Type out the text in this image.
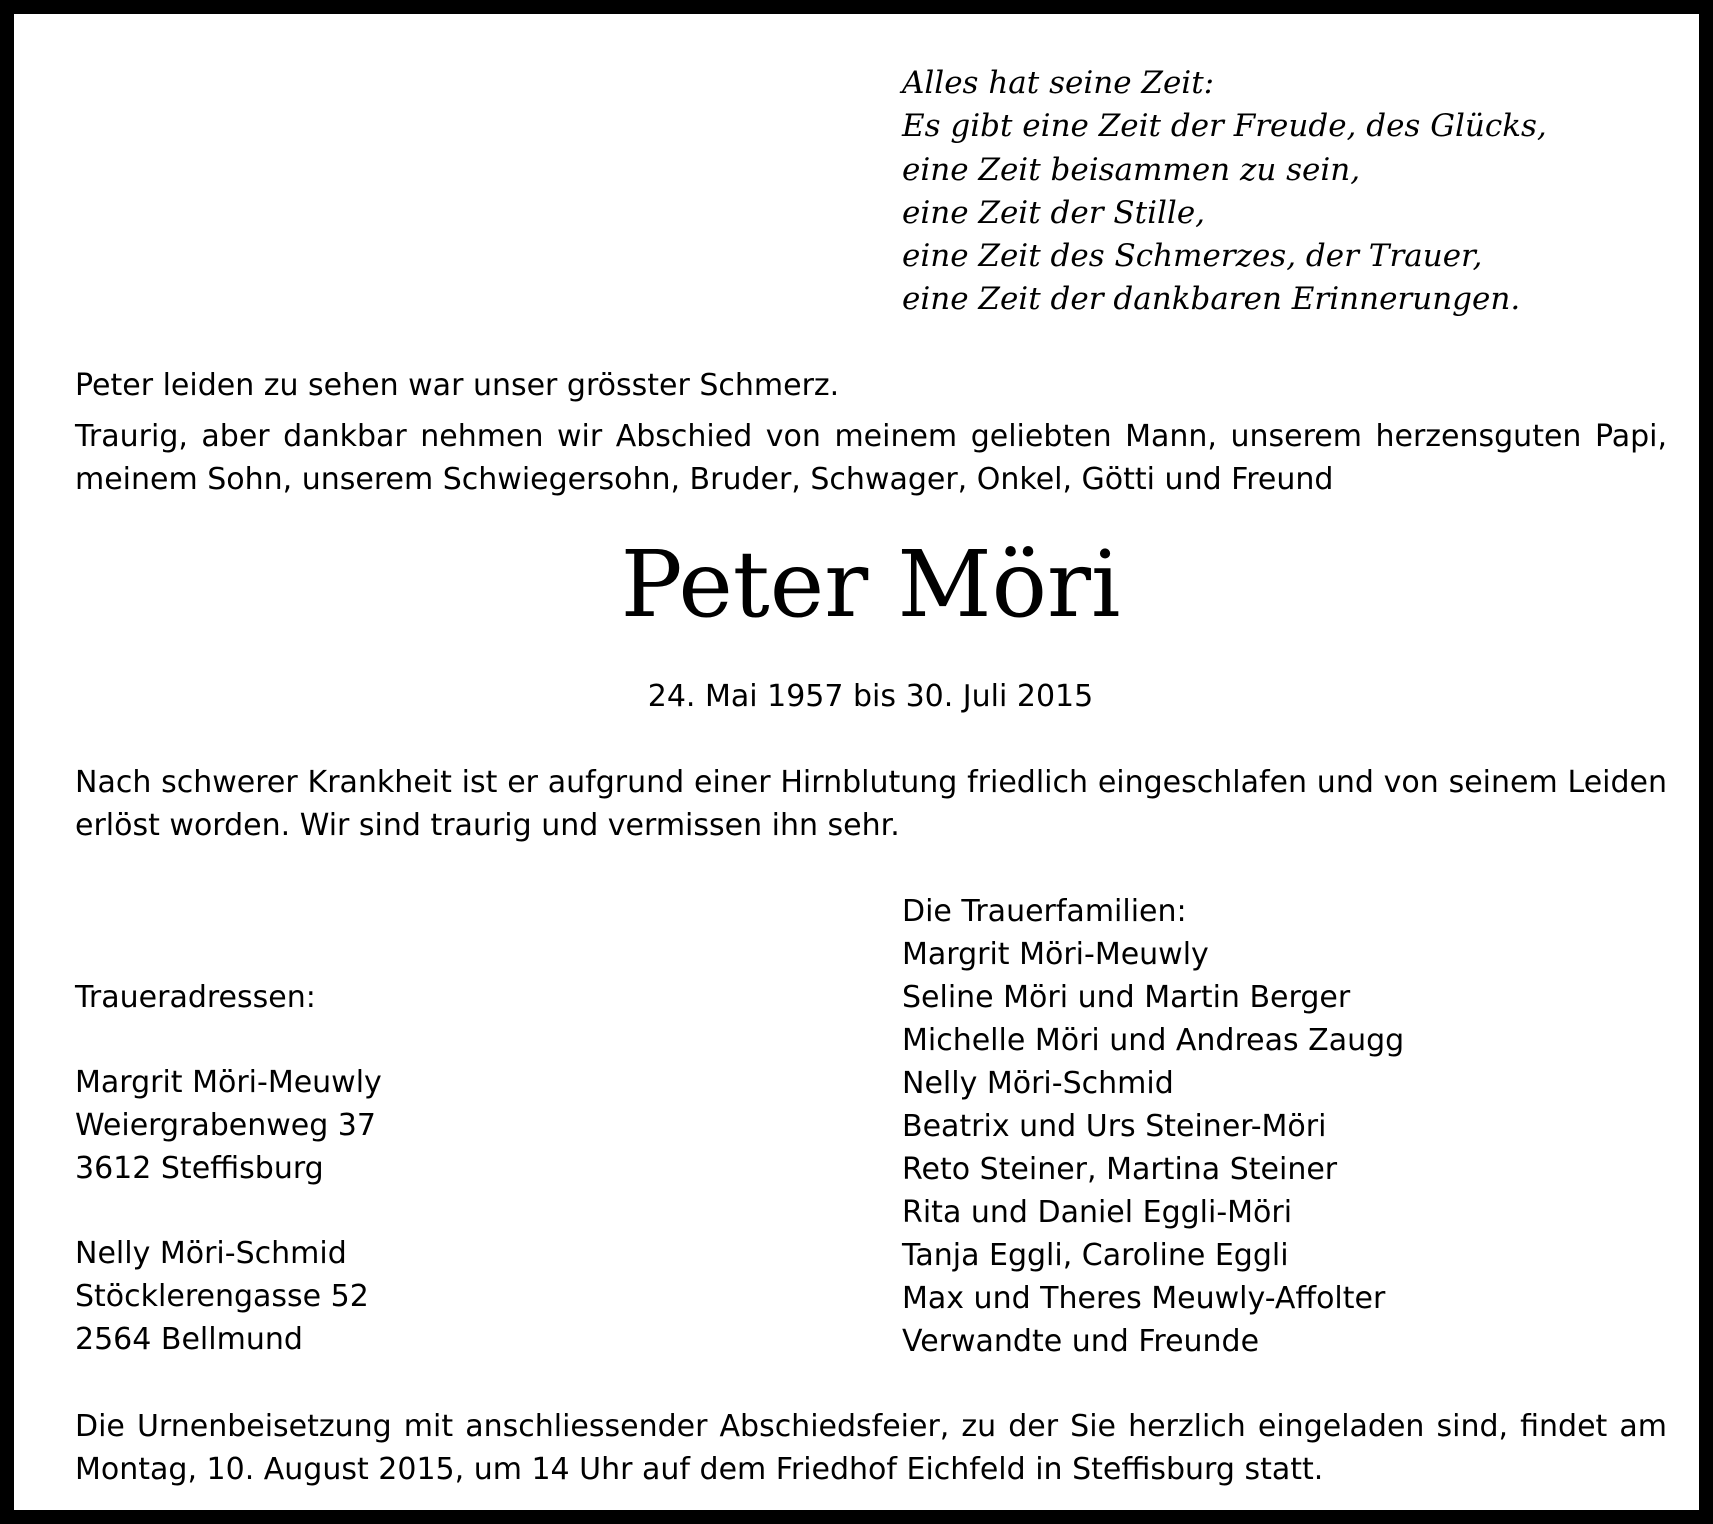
Alles hat seine Zeit:
Es gibt eine Zeit der Freude, des Glücks,
eine Zeit beisammen zu sein,
eine Zeit der Stille,
eine Zeit des Schmerzes, der Trauer,
eine Zeit der dankbaren Erinnerungen.
Peter leiden zu sehen war unser grösster Schmerz.
Traurig, aber dankbar nehmen wir Abschied von meinem geliebten Mann, unserem herzensguten Papi, meinem Sohn, unserem Schwiegersohn, Bruder, Schwager, Onkel, Götti und Freund
Peter Möri
24. Mai 1957 bis 30. Juli 2015
Nach schwerer Krankheit ist er aufgrund einer Hirnblutung friedlich eingeschlafen und von seinem Leiden erlöst worden. Wir sind traurig und vermissen ihn sehr.
Traueradressen:
Margrit Möri-Meuwly
Weiergrabenweg 37
3612 Steffisburg
Nelly Möri-Schmid
Stöcklerengasse 52
2564 Bellmund
Die Trauerfamilien:
Margrit Möri-Meuwly
Seline Möri und Martin Berger
Michelle Möri und Andreas Zaugg
Nelly Möri-Schmid
Beatrix und Urs Steiner-Möri
Reto Steiner, Martina Steiner
Rita und Daniel Eggli-Möri
Tanja Eggli, Caroline Eggli
Max und Theres Meuwly-Affolter
Verwandte und Freunde
Die Urnenbeisetzung mit anschliessender Abschiedsfeier, zu der Sie herzlich eingeladen sind, findet am Montag, 10. August 2015, um 14 Uhr auf dem Friedhof Eichfeld in Steffisburg statt.
